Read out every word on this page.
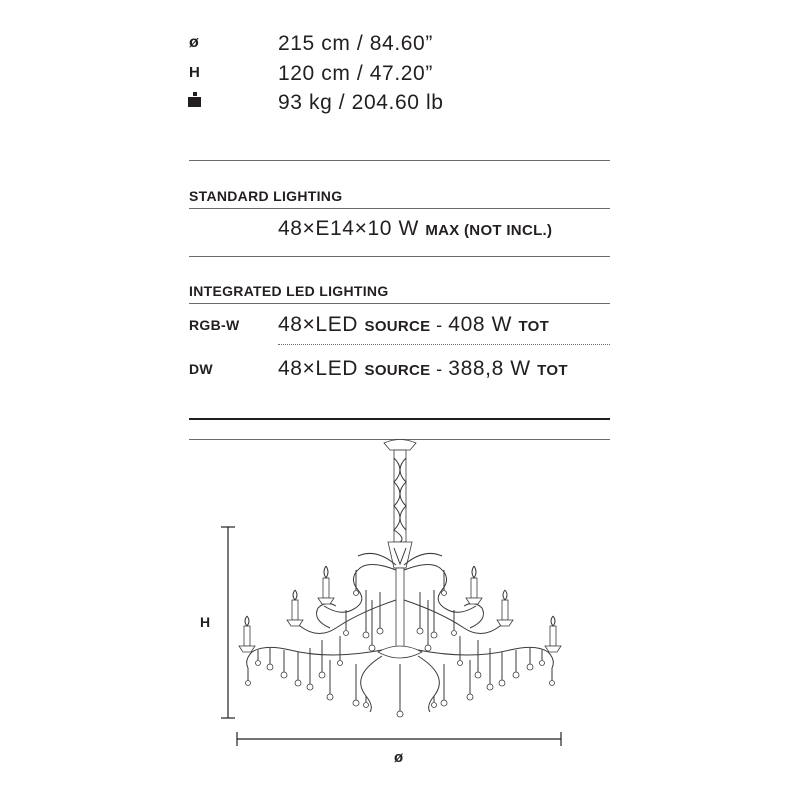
ø	215 cm / 84.60”
H	120 cm / 47.20”
93 kg / 204.60 lb
STANDARD LIGHTING
48×E14×10 W MAX (NOT INCL.)
INTEGRATED LED LIGHTING
RGB-W 48×LED SOURCE - 408 W TOT
DW	48×LED SOURCE - 388,8 W TOT
H
ø
